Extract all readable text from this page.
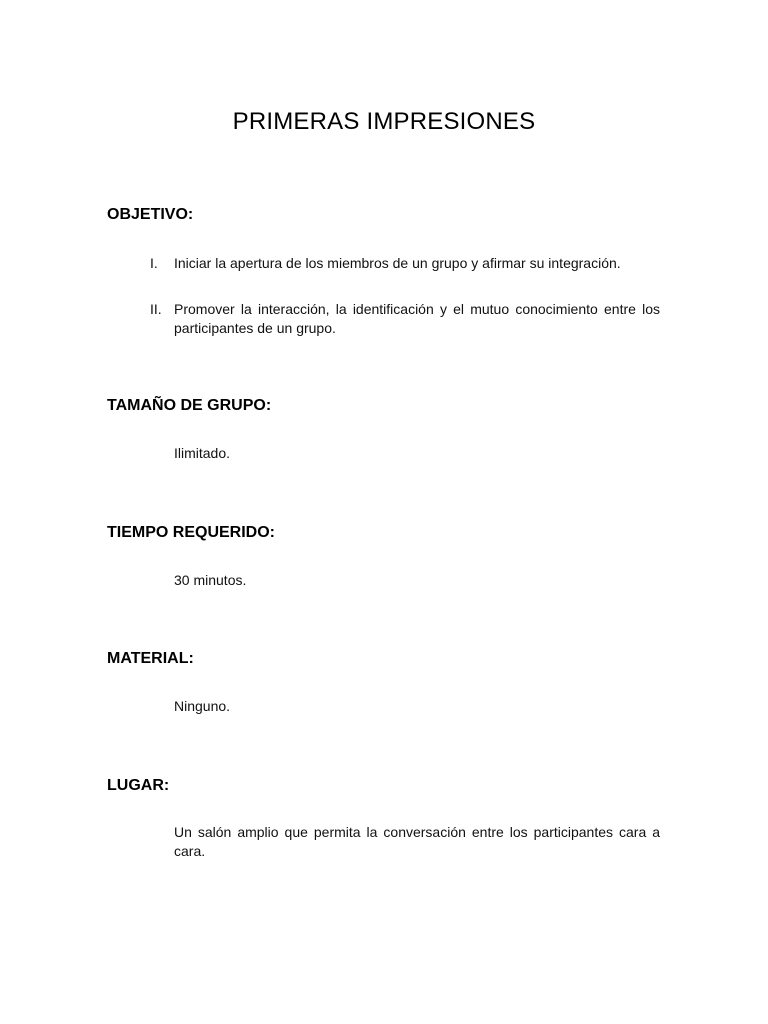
PRIMERAS IMPRESIONES
OBJETIVO:
I.	Iniciar la apertura de los miembros de un grupo y afirmar su integración.
II. Promover la interacción, la identificación y el mutuo conocimiento entre los participantes de un grupo.
TAMAÑO DE GRUPO:

Ilimitado.

TIEMPO REQUERIDO:

30 minutos.

MATERIAL:

Ninguno.

LUGAR:

Un salón amplio que permita la conversación entre los participantes cara a cara.
